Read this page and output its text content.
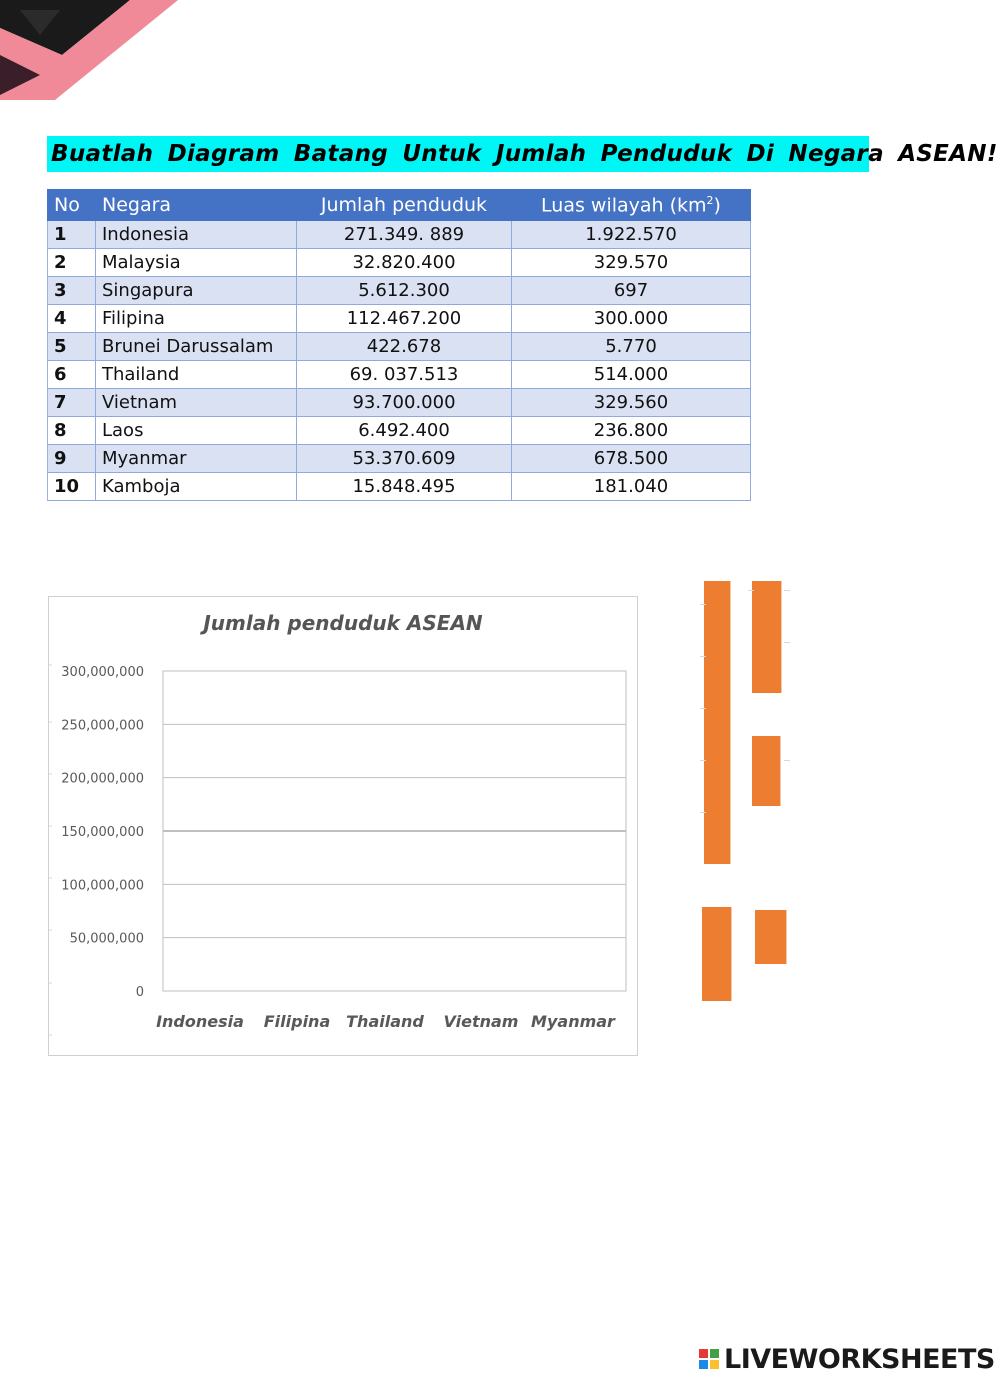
Buatlah Diagram Batang Untuk Jumlah Penduduk Di Negara ASEAN!
No	Negara	Jumlah penduduk	Luas wilayah $(km^2)$
1	Indonesia	271.349. 889	1.922.570
2	Malaysia	32.820.400	329.570
3	Singapura	5.612.300	697
4	Filipina	112.467.200	300.000
5	Brunei Darussalam	422.678	5.770
6	Thailand	69. 037.513	514.000
7	Vietnam	93.700.000	329.560
8	Laos	6.492.400	236.800
9	Myanmar	53.370.609	678.500
10	Kamboja	15.848.495	181.040
Jumlah penduduk ASEAN
0
50,000,000
100,000,000
150,000,000
200,000,000
250,000,000
300,000,000
Indonesia Filipina Thailand Vietnam Myanmar
LIVEWORKSHEETS
